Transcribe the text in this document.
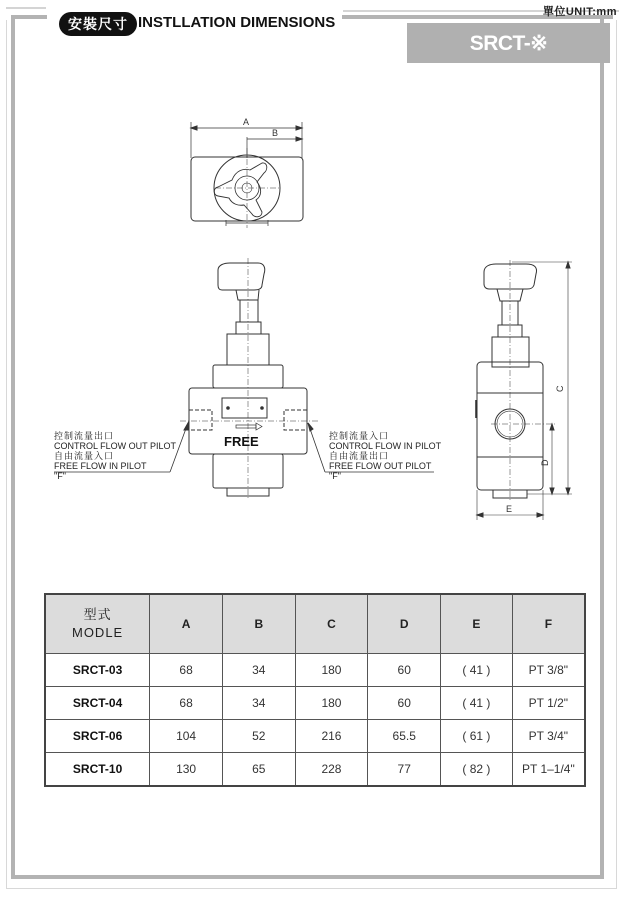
單位UNIT:mm
安裝尺寸 INSTLLATION DIMENSIONS
SRCT-※
A
B
FREE
C
D
E
控制流量出口
CONTROL FLOW OUT PILOT
自由流量入口
FREE FLOW IN PILOT
"F"
控制流量入口
CONTROL FLOW IN PILOT
自由流量出口
FREE FLOW OUT PILOT
"F"
型式
MODLE	A	B	C	D	E	F
SRCT-03	68	34	180	60	( 41 )	PT 3/8"
SRCT-04	68	34	180	60	( 41 )	PT 1/2"
SRCT-06	104	52	216	65.5	( 61 )	PT 3/4"
SRCT-10	130	65	228	77	( 82 )	PT 1–1/4"
